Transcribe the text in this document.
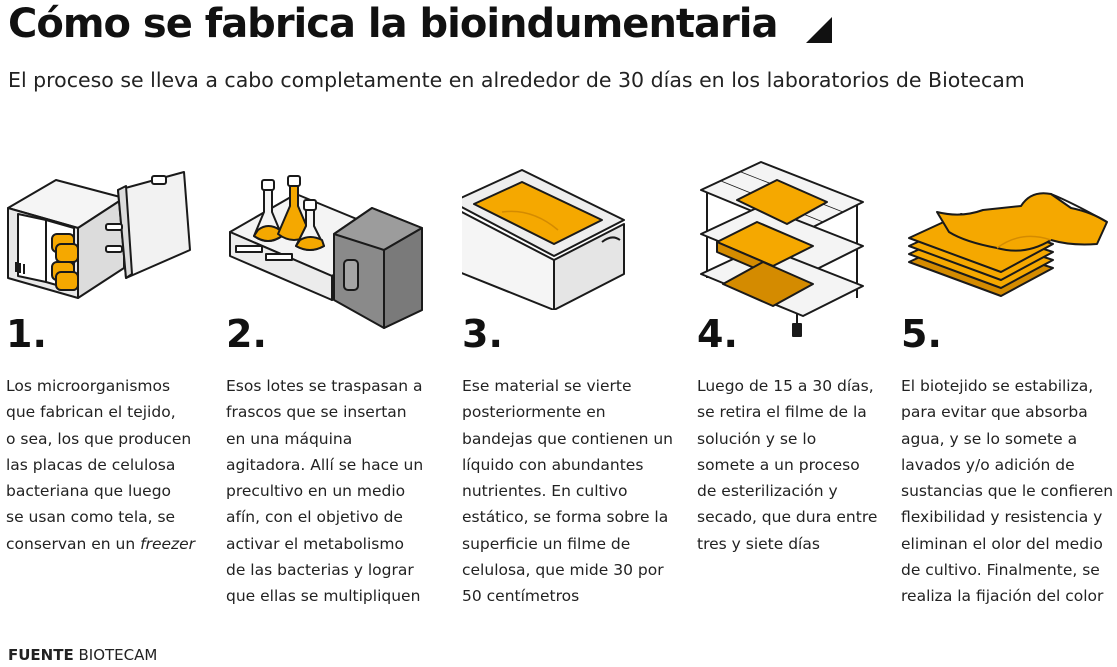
Cómo se fabrica la bioindumentaria
El proceso se lleva a cabo completamente en alrededor de 30 días en los laboratorios de Biotecam
1.
Los microorganismos
que fabrican el tejido,
o sea, los que producen
las placas de celulosa
bacteriana que luego
se usan como tela, se
conservan en un freezer
2.
Esos lotes se traspasan a
frascos que se insertan
en una máquina
agitadora. Allí se hace un
precultivo en un medio
afín, con el objetivo de
activar el metabolismo
de las bacterias y lograr
que ellas se multipliquen
3.
Ese material se vierte
posteriormente en
bandejas que contienen un
líquido con abundantes
nutrientes. En cultivo
estático, se forma sobre la
superficie un filme de
celulosa, que mide 30 por
50 centímetros
4.
Luego de 15 a 30 días,
se retira el filme de la
solución y se lo
somete a un proceso
de esterilización y
secado, que dura entre
tres y siete días
5.
El biotejido se estabiliza,
para evitar que absorba
agua, y se lo somete a
lavados y/o adición de
sustancias que le confieren
flexibilidad y resistencia y
eliminan el olor del medio
de cultivo. Finalmente, se
realiza la fijación del color
FUENTE BIOTECAM
